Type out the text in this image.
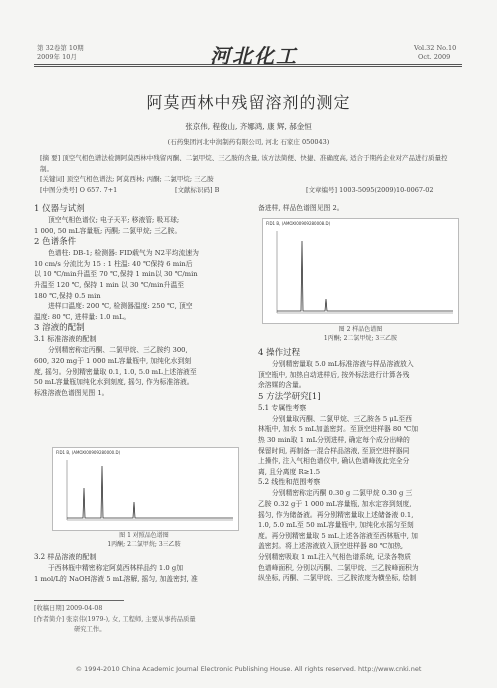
第 32卷第 10期
2009年 10月	河北化工	Vol.32 No.10
Oct. 2009
阿莫西林中残留溶剂的测定
张京伟, 程俊山, 齐娜鸿, 康 辉, 郝金恒
(石药集团河北中润制药有限公司, 河北 石家庄 050043)
[摘 要] 顶空气相色谱法检测阿莫西林中残留丙酮、二氯甲烷、三乙胺的含量, 该方法简便、快捷、准确度高, 适合于期药企业对产品进行质量控制。
[关键词] 顶空气相色谱法; 阿莫西林; 丙酮; 二氯甲烷; 三乙胺
[中图分类号] O 657. 7+1	[文献标识码] B	[文章编号] 1003-5095(2009)10-0067-02
1 仪器与试剂

顶空气相色谱仪; 电子天平; 移液管; 吸耳球;

1 000, 50 mL容量瓶; 丙酮; 二氯甲烷; 三乙胺。

2 色谱条件

色谱柱: DB-1; 检测器: FID载气为 N2平均流速为

10 cm/s 分流比为 15 : 1 柱温: 40 ℃保持 6 min后

以 10 ℃/min升温至 70 ℃,保持 1 min以 30 ℃/min

升温至 120 ℃, 保持 1 min 以 30 ℃/min升温至

180 ℃,保持 0.5 min

进样口温度: 200 ℃, 检测器温度: 250 ℃, 顶空

温度: 80 ℃, 进样量: 1.0 mL。

3 溶液的配制
3.1 标准溶液的配制

分别精密称定丙酮、二氯甲烷、三乙胺约 300,

600, 320 mg于 1 000 mL容量瓶中, 加纯化水到刻

度, 摇匀。分别精密量取 0.1, 1.0, 5.0 mL上述溶液至

50 mL容量瓶加纯化水到刻度, 摇匀, 作为标准溶液。

标准溶液色谱图见图 1。

FID1 B, (AMOXI00909280000.D)
图 1 对照品色谱图
1丙酮; 2二氯甲烷; 3三乙胺
3.2 样品溶液的配制

于西林瓶中精密称定阿莫西林样品约 1.0 g加

1 mol/L的 NaOH溶液 5 mL溶解, 摇匀, 加盖密封, 准

[收稿日期] 2009-04-08
[作者简介] 张京伟(1979-), 女, 工程师, 主要从事药品质量
研究工作。
备进样, 样品色谱图见图 2。
FID1 B, (AMOXI00909280008.D)
图 2 样品色谱图
1丙酮; 2二氯甲烷; 3三乙胺
4 操作过程

分别精密量取 5.0 mL标准溶液与样品溶液放入

顶空瓶中, 加热自动进样后, 按外标法进行计算各残

余溶媒的含量。

5 方法学研究[1]
5.1 专属性考察

分别量取丙酮、二氯甲烷、三乙胺各 5 μL至西

林瓶中, 加水 5 mL加盖密封。至顶空进样器 80 ℃加

热 30 min取 1 mL分别进样, 确定每个成分出峰的

保留时间, 再制备一混合样品溶液, 至顶空进样器同

上操作, 注入气相色谱仪中, 确认色谱峰彼此完全分

离, 且分离度 R≥1.5

5.2 线性和范围考察

分别精密称定丙酮 0.30 g 二氯甲烷 0.30 g 三

乙胺 0.32 g于 1 000 mL容量瓶, 加水定容到刻度,

摇匀, 作为储备液。再分别精密量取上述储备液 0.1,

1.0, 5.0 mL至 50 mL容量瓶中, 加纯化水摇匀至刻

度。再分别精密量取 5 mL上述各溶液至西林瓶中, 加

盖密封。将上述溶液放入顶空进样器 80 ℃加热,

分别精密吸取 1 mL注入气相色谱系统, 记录各物质

色谱峰面积, 分别以丙酮、二氯甲烷、三乙胺峰面积为

纵坐标, 丙酮、二氯甲烷、三乙胺浓度为横坐标, 绘制

© 1994-2010 China Academic Journal Electronic Publishing House. All rights reserved. http://www.cnki.net
